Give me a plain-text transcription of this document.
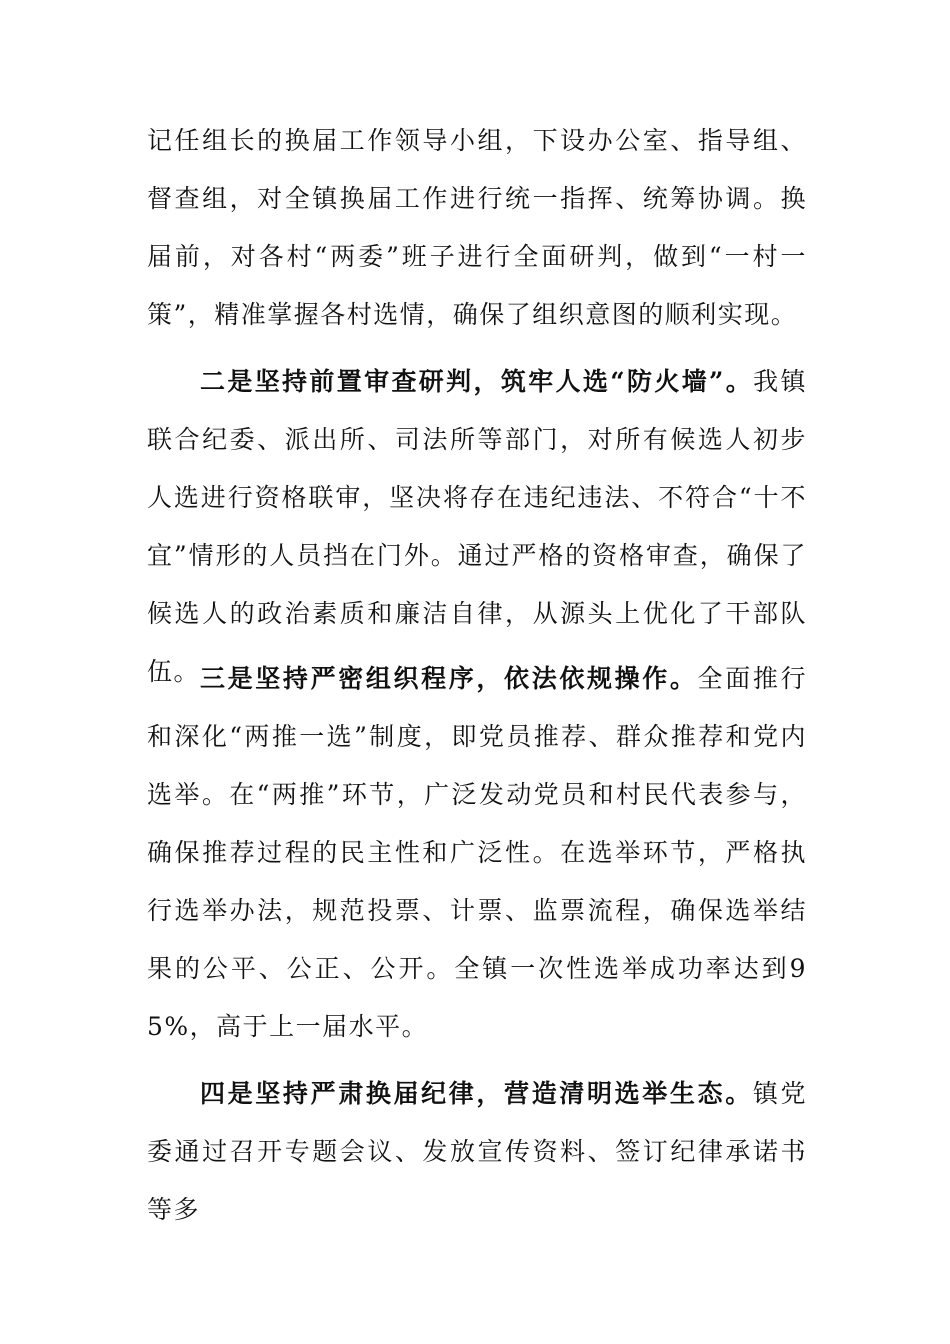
记任组长的换届工作领导小组，下设办公室、指导组、督查组，对全镇换届工作进行统一指挥、统筹协调。换届前，对各村“两委”班子进行全面研判，做到“一村一策”，精准掌握各村选情，确保了组织意图的顺利实现。

二是坚持前置审查研判，筑牢人选“防火墙”。我镇联合纪委、派出所、司法所等部门，对所有候选人初步人选进行资格联审，坚决将存在违纪违法、不符合“十不宜”情形的人员挡在门外。通过严格的资格审查，确保了候选人的政治素质和廉洁自律，从源头上优化了干部队伍。 三是坚持严密组织程序，依法依规操作。全面推行和深化“两推一选”制度，即党员推荐、群众推荐和党内选举。在“两推”环节，广泛发动党员和村民代表参与，确保推荐过程的民主性和广泛性。在选举环节，严格执行选举办法，规范投票、计票、监票流程，确保选举结果的公平、公正、公开。全镇一次性选举成功率达到95%，高于上一届水平。

四是坚持严肃换届纪律，营造清明选举生态。镇党委通过召开专题会议、发放宣传资料、签订纪律承诺书等多
